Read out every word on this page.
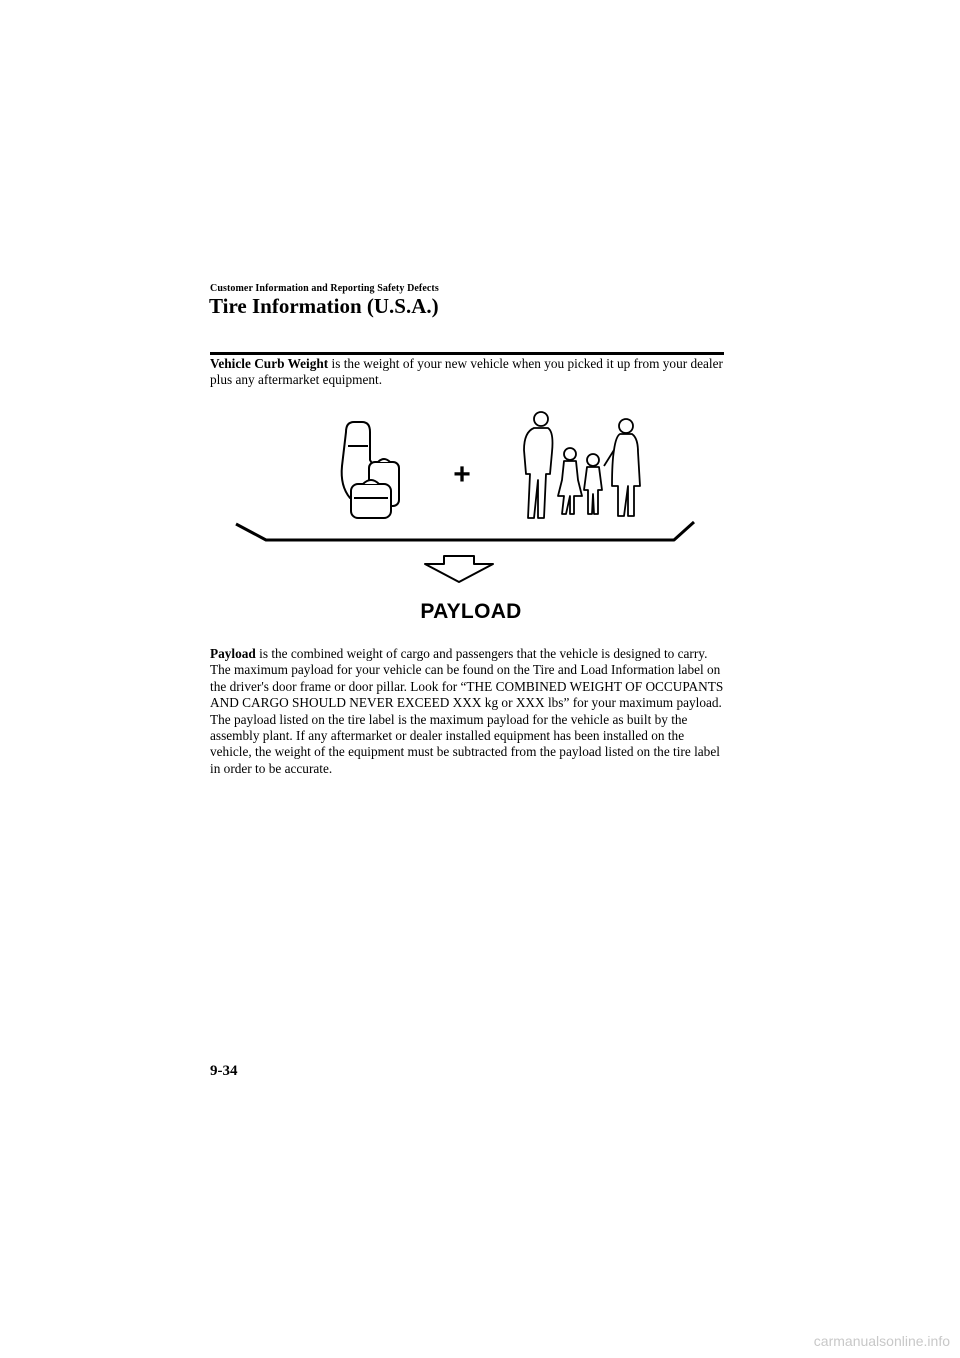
Customer Information and Reporting Safety Defects
Tire Information (U.S.A.)

Vehicle Curb Weight is the weight of your new vehicle when you picked it up from your dealer plus any aftermarket equipment.

+
PAYLOAD

Payload is the combined weight of cargo and passengers that the vehicle is designed to carry. The maximum payload for your vehicle can be found on the Tire and Load Information label on the driver's door frame or door pillar. Look for “THE COMBINED WEIGHT OF OCCUPANTS AND CARGO SHOULD NEVER EXCEED XXX kg or XXX lbs” for your maximum payload. The payload listed on the tire label is the maximum payload for the vehicle as built by the assembly plant. If any aftermarket or dealer installed equipment has been installed on the vehicle, the weight of the equipment must be subtracted from the payload listed on the tire label in order to be accurate.

9-34
carmanualsonline.info
